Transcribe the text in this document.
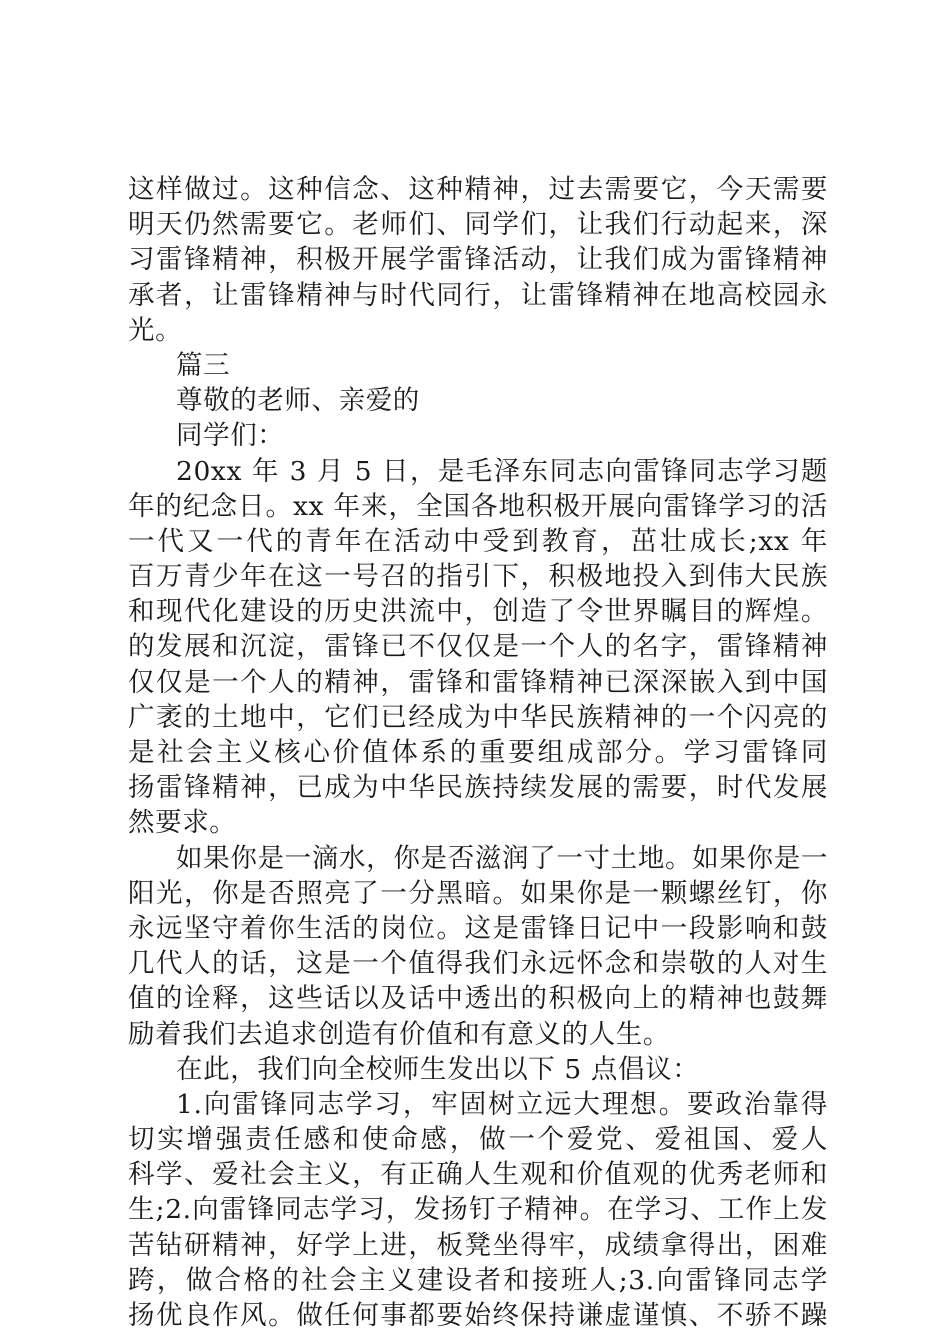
这样做过。这种信念、这种精神，过去需要它，今天需要
明天仍然需要它。老师们、同学们，让我们行动起来，深
习雷锋精神，积极开展学雷锋活动，让我们成为雷锋精神
承者，让雷锋精神与时代同行，让雷锋精神在地高校园永
光。
篇三
尊敬的老师、亲爱的
同学们：
20xx 年 3 月 5 日，是毛泽东同志向雷锋同志学习题
年的纪念日。xx 年来，全国各地积极开展向雷锋学习的活
一代又一代的青年在活动中受到教育，茁壮成长;xx 年
百万青少年在这一号召的指引下，积极地投入到伟大民族
和现代化建设的历史洪流中，创造了令世界瞩目的辉煌。
的发展和沉淀，雷锋已不仅仅是一个人的名字，雷锋精神
仅仅是一个人的精神，雷锋和雷锋精神已深深嵌入到中国
广袤的土地中，它们已经成为中华民族精神的一个闪亮的
是社会主义核心价值体系的重要组成部分。学习雷锋同
扬雷锋精神，已成为中华民族持续发展的需要，时代发展
然要求。
如果你是一滴水，你是否滋润了一寸土地。如果你是一
阳光，你是否照亮了一分黑暗。如果你是一颗螺丝钉，你
永远坚守着你生活的岗位。这是雷锋日记中一段影响和鼓
几代人的话，这是一个值得我们永远怀念和崇敬的人对生
值的诠释，这些话以及话中透出的积极向上的精神也鼓舞
励着我们去追求创造有价值和有意义的人生。
在此，我们向全校师生发出以下 5 点倡议：
1.向雷锋同志学习，牢固树立远大理想。要政治靠得
切实增强责任感和使命感，做一个爱党、爱祖国、爱人
科学、爱社会主义，有正确人生观和价值观的优秀老师和
生;2.向雷锋同志学习，发扬钉子精神。在学习、工作上发
苦钻研精神，好学上进，板凳坐得牢，成绩拿得出，困难
跨，做合格的社会主义建设者和接班人;3.向雷锋同志学
扬优良作风。做任何事都要始终保持谦虚谨慎、不骄不躁
